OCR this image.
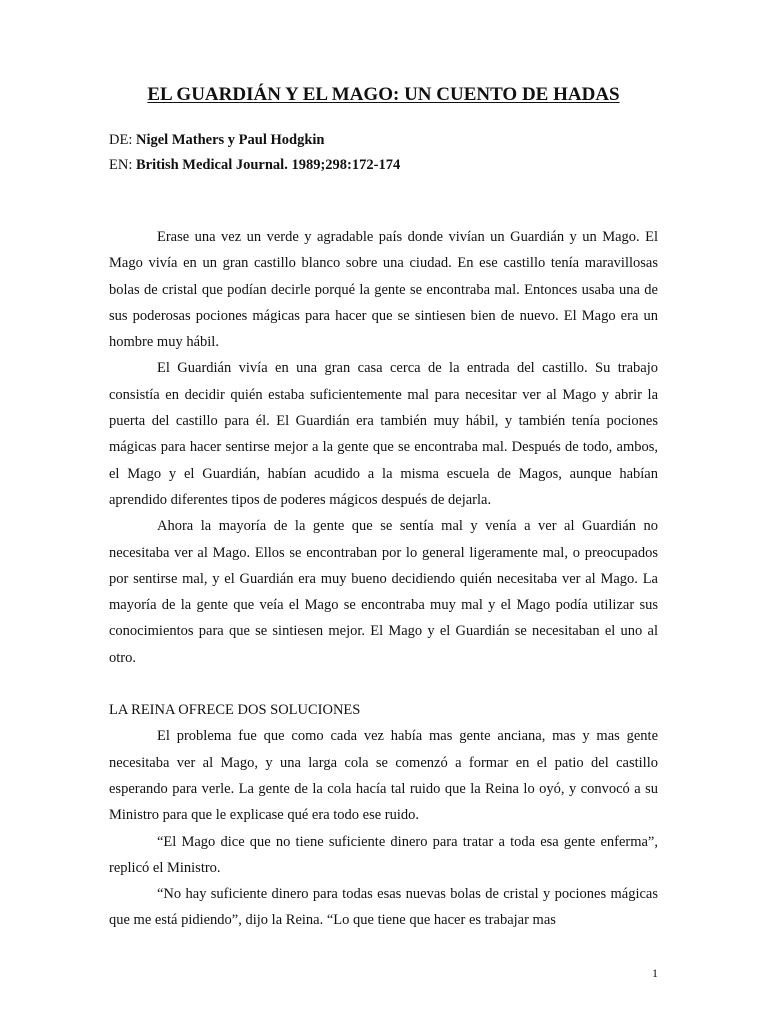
EL GUARDIÁN Y EL MAGO: UN CUENTO DE HADAS
DE: Nigel Mathers y Paul Hodgkin
EN: British Medical Journal. 1989;298:172-174

Erase una vez un verde y agradable país donde vivían un Guardián y un Mago. El Mago vivía en un gran castillo blanco sobre una ciudad. En ese castillo tenía maravillosas bolas de cristal que podían decirle porqué la gente se encontraba mal. Entonces usaba una de sus poderosas pociones mágicas para hacer que se sintiesen bien de nuevo. El Mago era un hombre muy hábil.

El Guardián vivía en una gran casa cerca de la entrada del castillo. Su trabajo consistía en decidir quién estaba suficientemente mal para necesitar ver al Mago y abrir la puerta del castillo para él. El Guardián era también muy hábil, y también tenía pociones mágicas para hacer sentirse mejor a la gente que se encontraba mal. Después de todo, ambos, el Mago y el Guardián, habían acudido a la misma escuela de Magos, aunque habían aprendido diferentes tipos de poderes mágicos después de dejarla.

Ahora la mayoría de la gente que se sentía mal y venía a ver al Guardián no necesitaba ver al Mago. Ellos se encontraban por lo general ligeramente mal, o preocupados por sentirse mal, y el Guardián era muy bueno decidiendo quién necesitaba ver al Mago. La mayoría de la gente que veía el Mago se encontraba muy mal y el Mago podía utilizar sus conocimientos para que se sintiesen mejor. El Mago y el Guardián se necesitaban el uno al otro.

LA REINA OFRECE DOS SOLUCIONES

El problema fue que como cada vez había mas gente anciana, mas y mas gente necesitaba ver al Mago, y una larga cola se comenzó a formar en el patio del castillo esperando para verle. La gente de la cola hacía tal ruido que la Reina lo oyó, y convocó a su Ministro para que le explicase qué era todo ese ruido.

“El Mago dice que no tiene suficiente dinero para tratar a toda esa gente enferma”, replicó el Ministro.

“No hay suficiente dinero para todas esas nuevas bolas de cristal y pociones mágicas que me está pidiendo”, dijo la Reina. “Lo que tiene que hacer es trabajar mas

1
